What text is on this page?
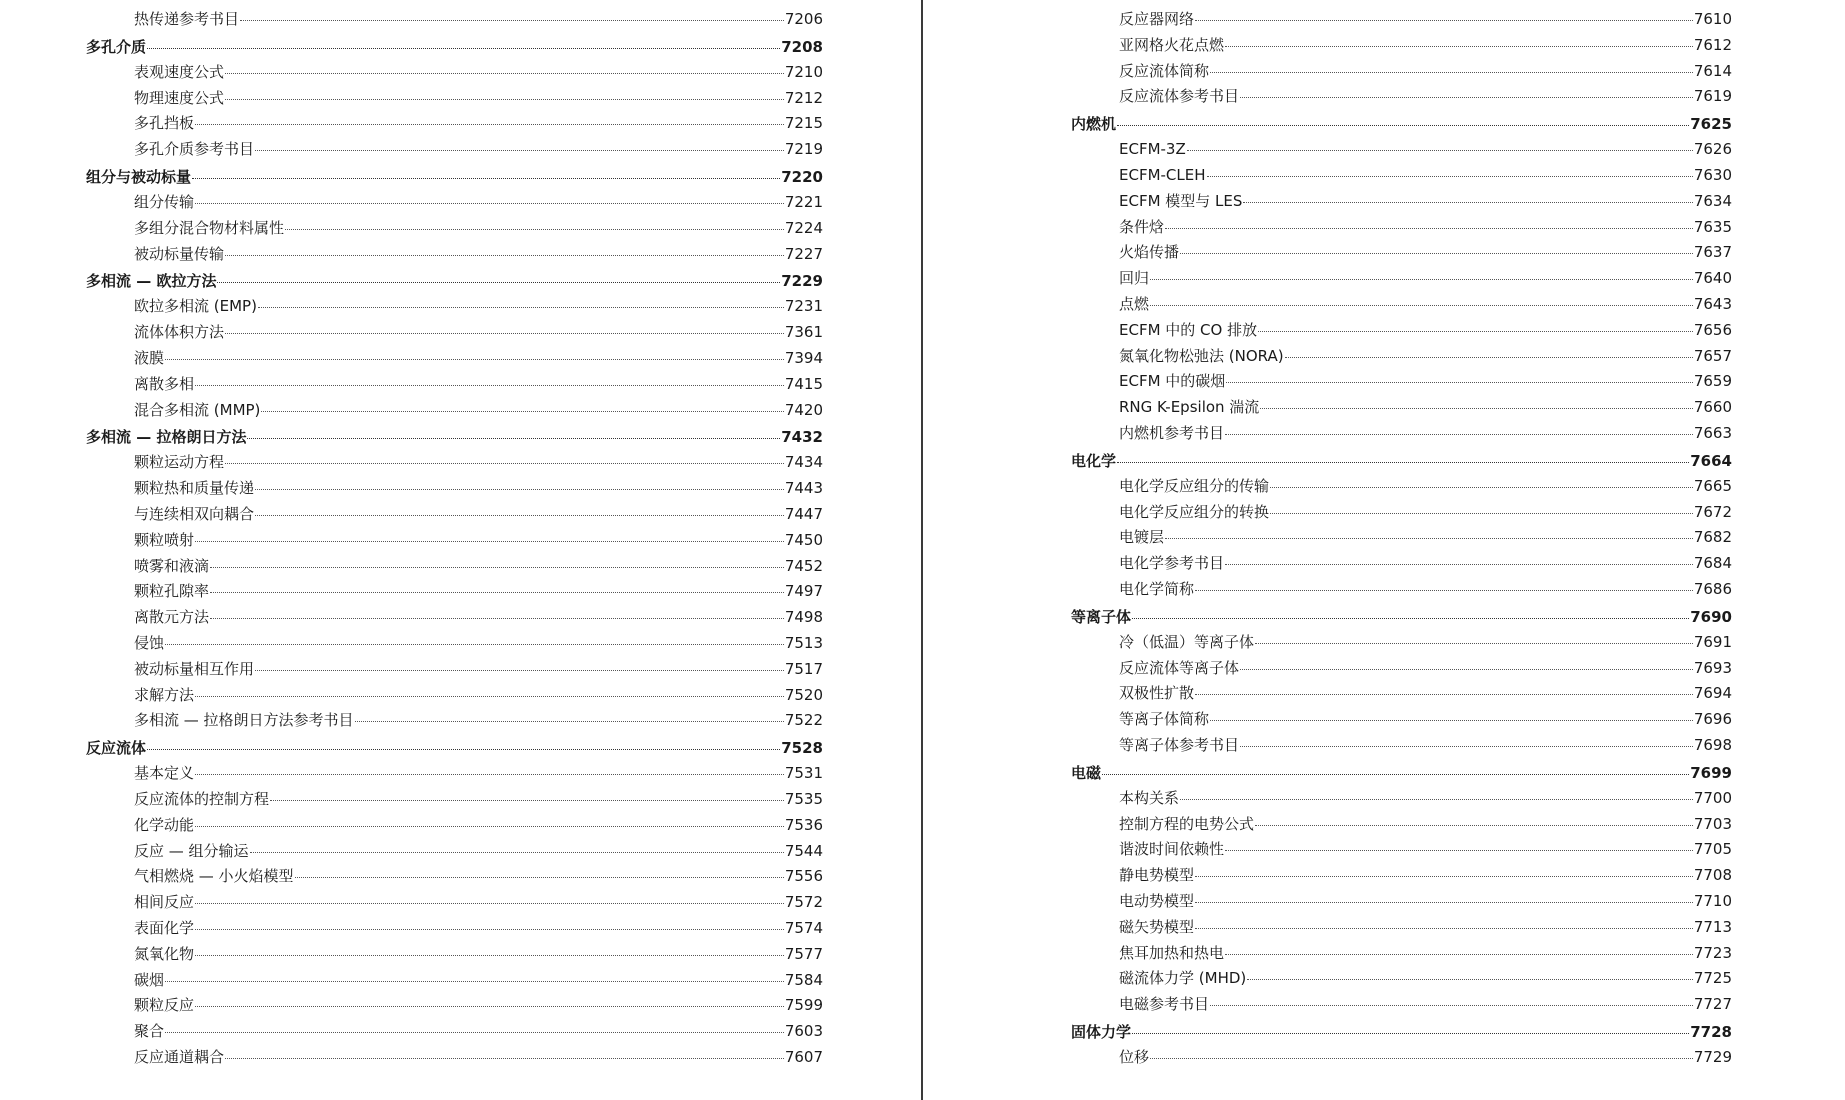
热传递参考书目	7206
多孔介质	7208
表观速度公式	7210
物理速度公式	7212
多孔挡板	7215
多孔介质参考书目	7219
组分与被动标量	7220
组分传输	7221
多组分混合物材料属性	7224
被动标量传输	7227
多相流 — 欧拉方法	7229
欧拉多相流 (EMP)	7231
流体体积方法	7361
液膜	7394
离散多相	7415
混合多相流 (MMP)	7420
多相流 — 拉格朗日方法	7432
颗粒运动方程	7434
颗粒热和质量传递	7443
与连续相双向耦合	7447
颗粒喷射	7450
喷雾和液滴	7452
颗粒孔隙率	7497
离散元方法	7498
侵蚀	7513
被动标量相互作用	7517
求解方法	7520
多相流 — 拉格朗日方法参考书目	7522
反应流体	7528
基本定义	7531
反应流体的控制方程	7535
化学动能	7536
反应 — 组分输运	7544
气相燃烧 — 小火焰模型	7556
相间反应	7572
表面化学	7574
氮氧化物	7577
碳烟	7584
颗粒反应	7599
聚合	7603
反应通道耦合	7607
反应器网络	7610
亚网格火花点燃	7612
反应流体简称	7614
反应流体参考书目	7619
内燃机	7625
ECFM-3Z	7626
ECFM-CLEH	7630
ECFM 模型与 LES	7634
条件焓	7635
火焰传播	7637
回归	7640
点燃	7643
ECFM 中的 CO 排放	7656
氮氧化物松弛法 (NORA)	7657
ECFM 中的碳烟	7659
RNG K-Epsilon 湍流	7660
内燃机参考书目	7663
电化学	7664
电化学反应组分的传输	7665
电化学反应组分的转换	7672
电镀层	7682
电化学参考书目	7684
电化学简称	7686
等离子体	7690
冷（低温）等离子体	7691
反应流体等离子体	7693
双极性扩散	7694
等离子体简称	7696
等离子体参考书目	7698
电磁	7699
本构关系	7700
控制方程的电势公式	7703
谐波时间依赖性	7705
静电势模型	7708
电动势模型	7710
磁矢势模型	7713
焦耳加热和热电	7723
磁流体力学 (MHD)	7725
电磁参考书目	7727
固体力学	7728
位移	7729
